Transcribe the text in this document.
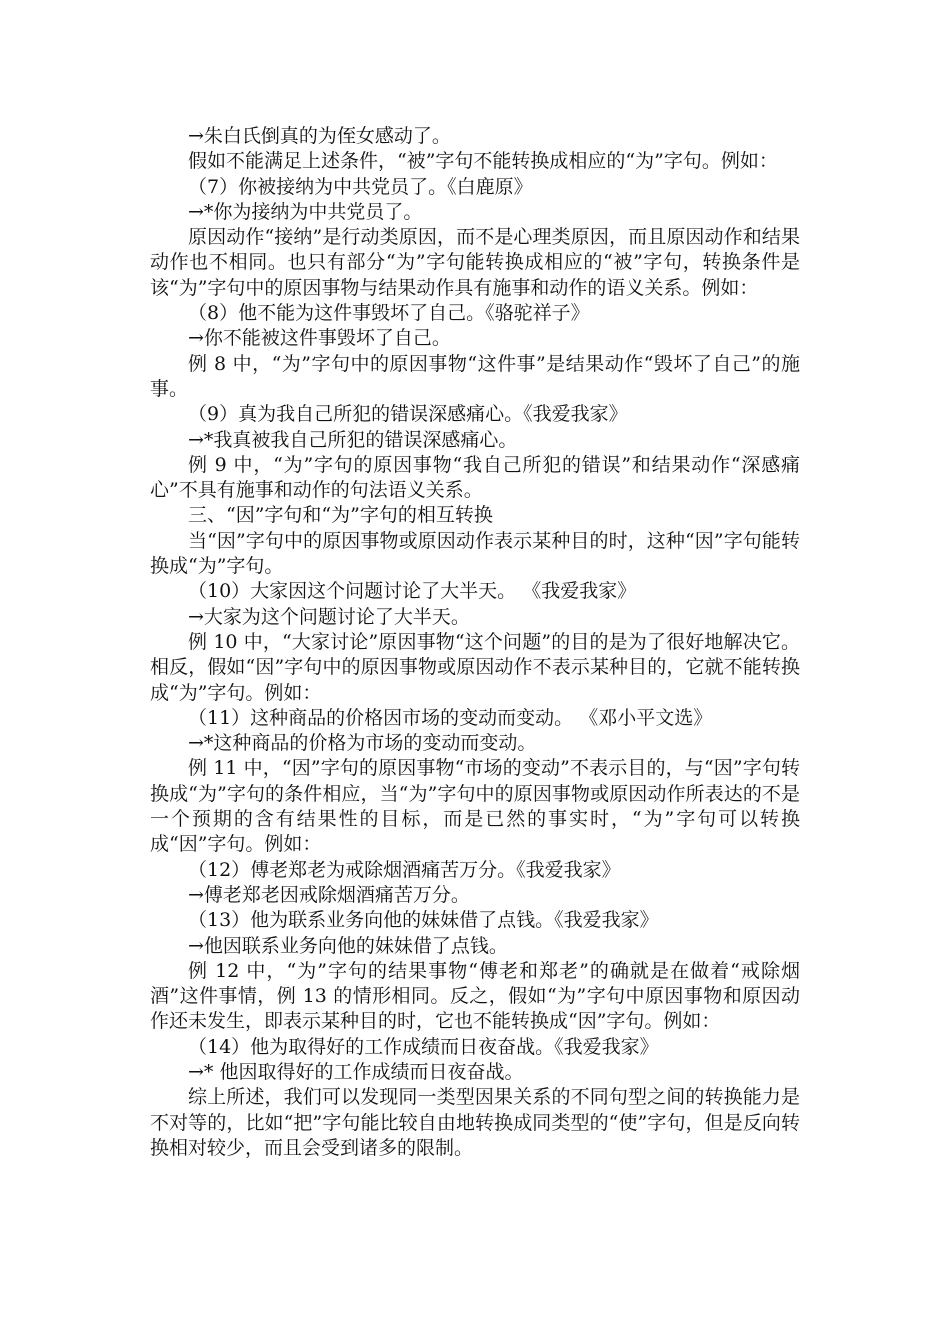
→朱白氏倒真的为侄女感动了。

假如不能满足上述条件，“被”字句不能转换成相应的“为”字句。例如：

（7）你被接纳为中共党员了。《白鹿原》

→*你为接纳为中共党员了。

原因动作“接纳”是行动类原因，而不是心理类原因，而且原因动作和结果动作也不相同。也只有部分“为”字句能转换成相应的“被”字句，转换条件是该“为”字句中的原因事物与结果动作具有施事和动作的语义关系。例如：

（8）他不能为这件事毁坏了自己。《骆驼祥子》

→你不能被这件事毁坏了自己。

例 8 中，“为”字句中的原因事物“这件事”是结果动作“毁坏了自己”的施事。

（9）真为我自己所犯的错误深感痛心。《我爱我家》

→*我真被我自己所犯的错误深感痛心。

例 9 中，“为”字句的原因事物“我自己所犯的错误”和结果动作“深感痛心”不具有施事和动作的句法语义关系。

三、“因”字句和“为”字句的相互转换

当“因”字句中的原因事物或原因动作表示某种目的时，这种“因”字句能转换成“为”字句。

（10）大家因这个问题讨论了大半天。 《我爱我家》

→大家为这个问题讨论了大半天。

例 10 中，“大家讨论”原因事物“这个问题”的目的是为了很好地解决它。相反，假如“因”字句中的原因事物或原因动作不表示某种目的，它就不能转换成“为”字句。例如：

（11）这种商品的价格因市场的变动而变动。 《邓小平文选》

→*这种商品的价格为市场的变动而变动。

例 11 中，“因”字句的原因事物“市场的变动”不表示目的，与“因”字句转换成“为”字句的条件相应，当“为”字句中的原因事物或原因动作所表达的不是一个预期的含有结果性的目标，而是已然的事实时，“为”字句可以转换成“因”字句。例如：

（12）傅老郑老为戒除烟酒痛苦万分。《我爱我家》

→傅老郑老因戒除烟酒痛苦万分。

（13）他为联系业务向他的妹妹借了点钱。《我爱我家》

→他因联系业务向他的妹妹借了点钱。

例 12 中，“为”字句的结果事物“傅老和郑老”的确就是在做着“戒除烟酒”这件事情，例 13 的情形相同。反之，假如“为”字句中原因事物和原因动作还未发生，即表示某种目的时，它也不能转换成“因”字句。例如：

（14）他为取得好的工作成绩而日夜奋战。《我爱我家》

→* 他因取得好的工作成绩而日夜奋战。

综上所述，我们可以发现同一类型因果关系的不同句型之间的转换能力是不对等的，比如“把”字句能比较自由地转换成同类型的“使”字句，但是反向转换相对较少，而且会受到诸多的限制。
